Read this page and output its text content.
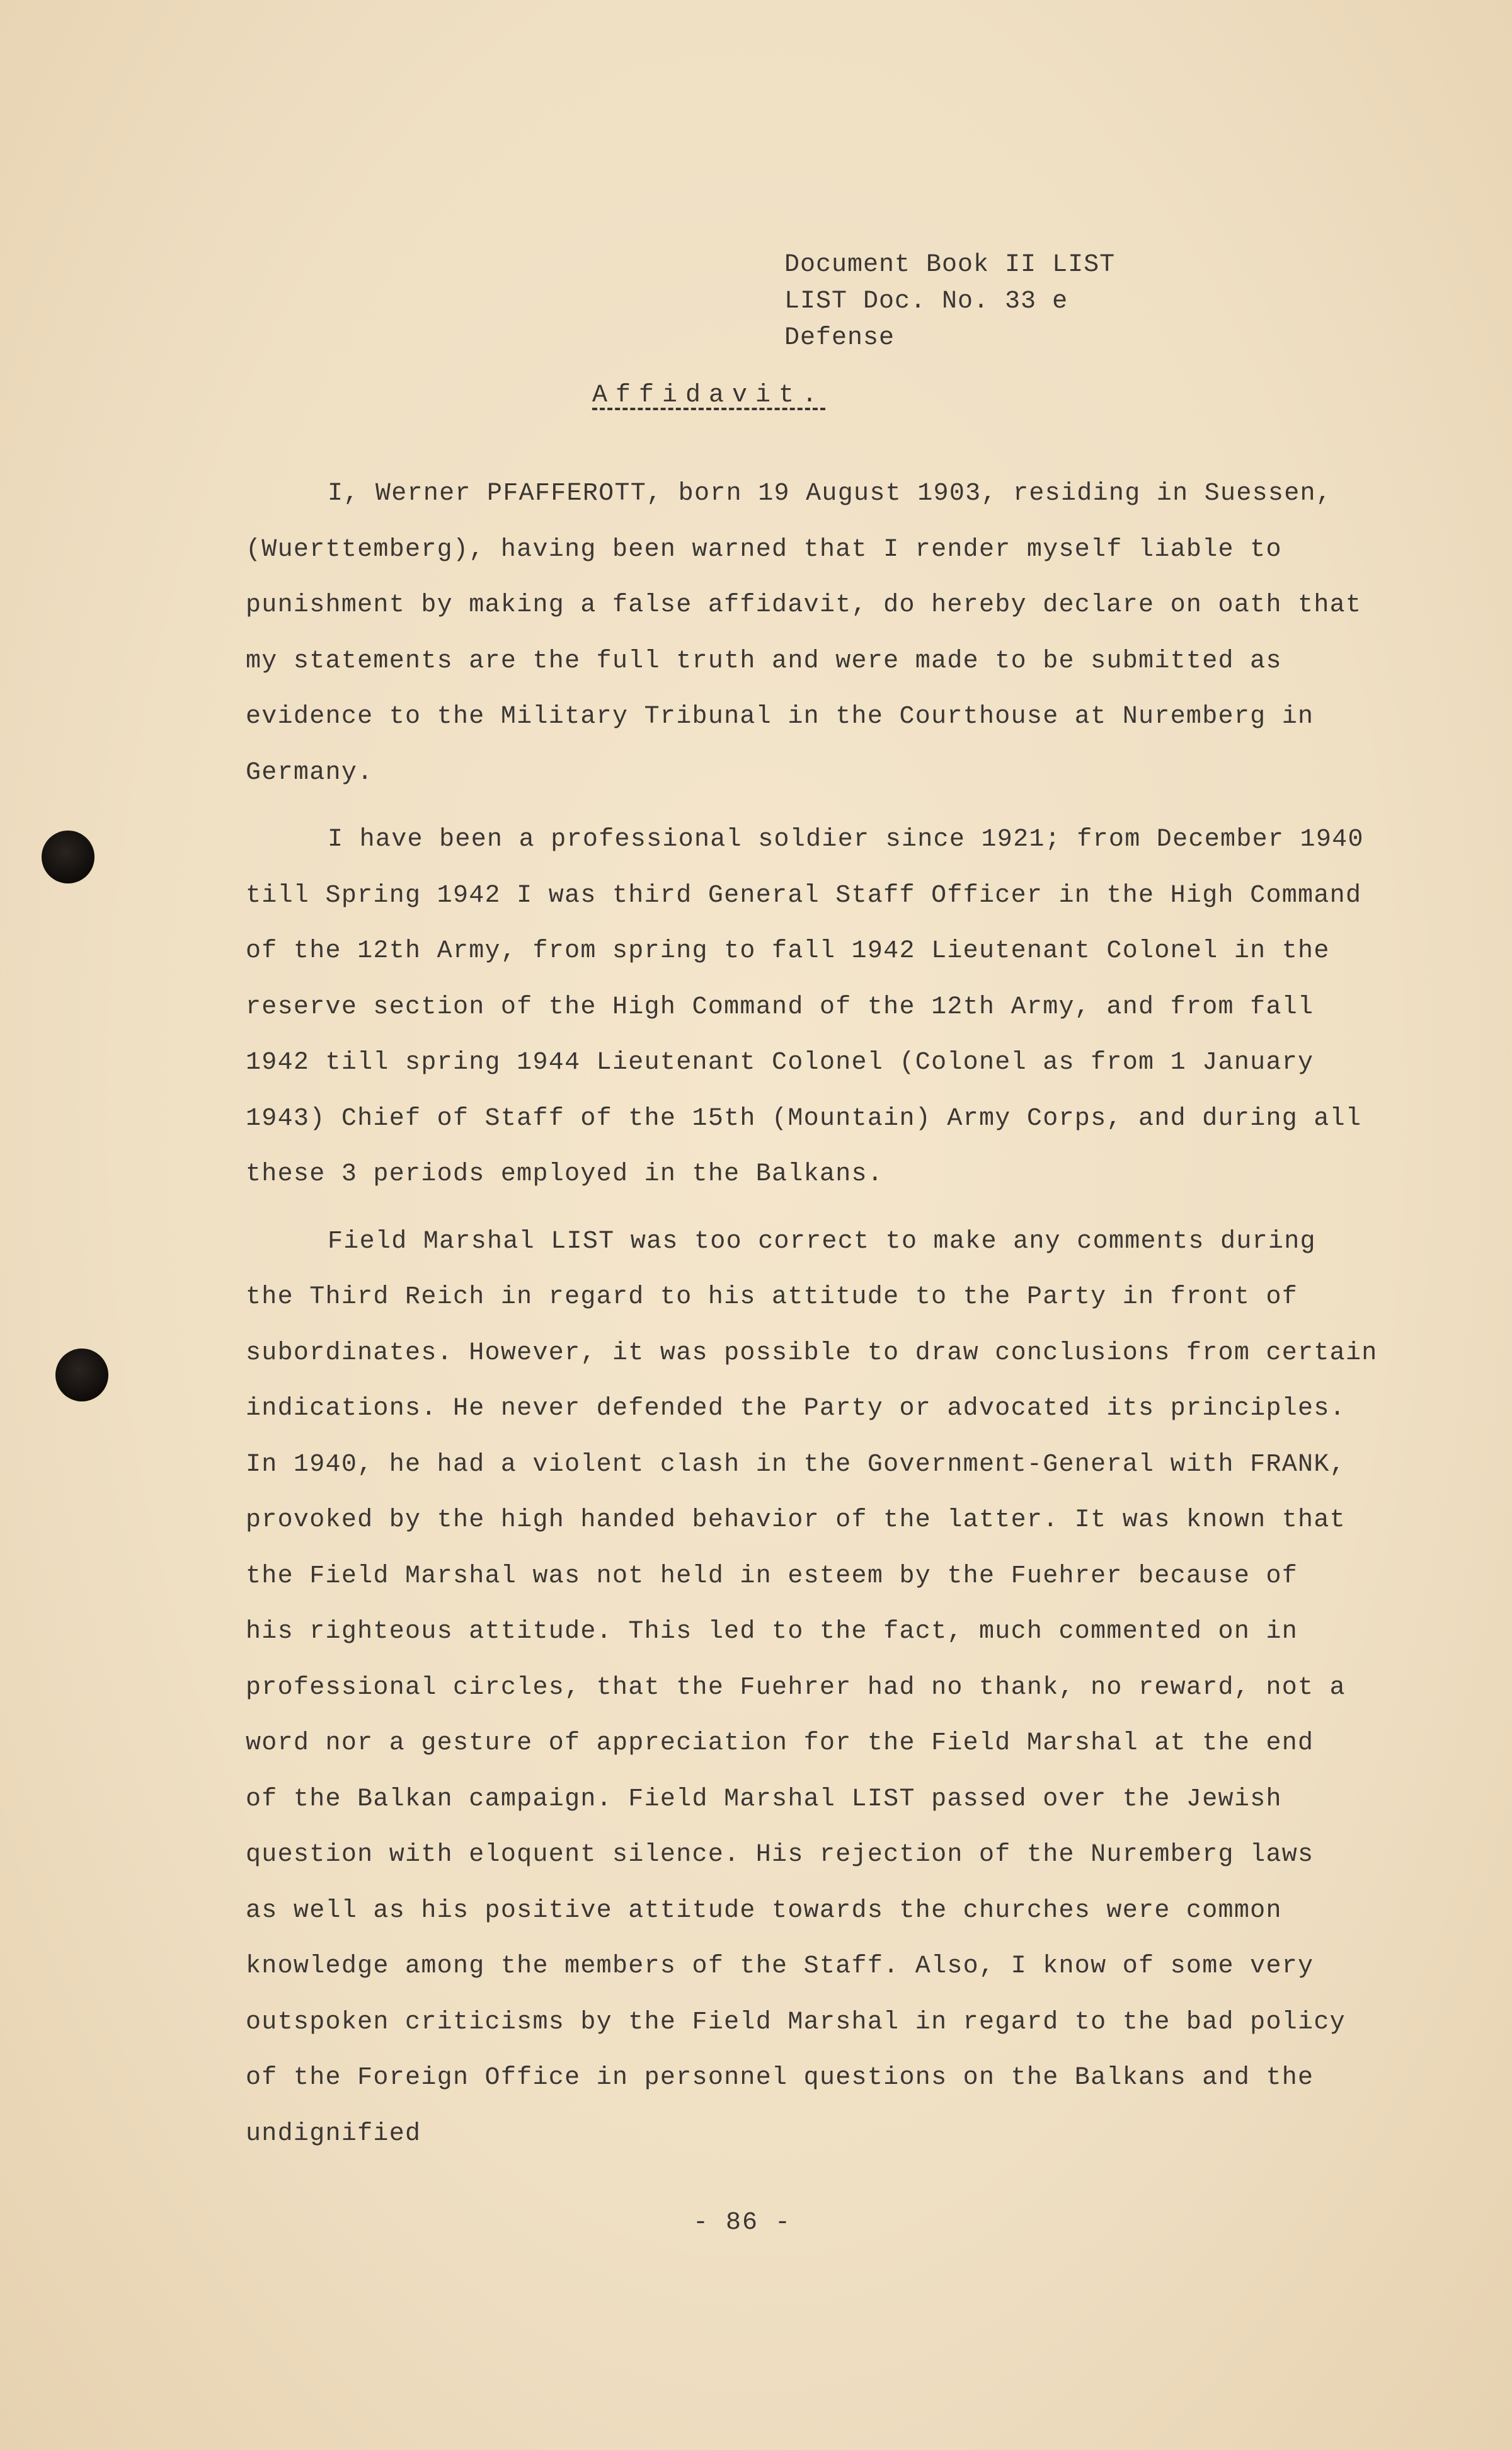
Document Book II LIST
LIST Doc. No. 33 e
Defense
Affidavit.

I, Werner PFAFFEROTT, born 19 August 1903, residing in Suessen,
(Wuerttemberg), having been warned that I render myself liable to
punishment by making a false affidavit, do hereby declare on oath that
my statements are the full truth and were made to be submitted as
evidence to the Military Tribunal in the Courthouse at Nuremberg in
Germany.

I have been a professional soldier since 1921; from December 1940
till Spring 1942 I was third General Staff Officer in the High Command
of the 12th Army, from spring to fall 1942 Lieutenant Colonel in the
reserve section of the High Command of the 12th Army, and from fall
1942 till spring 1944 Lieutenant Colonel (Colonel as from 1 January
1943) Chief of Staff of the 15th (Mountain) Army Corps, and during all
these 3 periods employed in the Balkans.

Field Marshal LIST was too correct to make any comments during
the Third Reich in regard to his attitude to the Party in front of
subordinates. However, it was possible to draw conclusions from certain
indications. He never defended the Party or advocated its principles.
In 1940, he had a violent clash in the Government-General with FRANK,
provoked by the high handed behavior of the latter. It was known that
the Field Marshal was not held in esteem by the Fuehrer because of
his righteous attitude. This led to the fact, much commented on in
professional circles, that the Fuehrer had no thank, no reward, not a
word nor a gesture of appreciation for the Field Marshal at the end
of the Balkan campaign. Field Marshal LIST passed over the Jewish
question with eloquent silence. His rejection of the Nuremberg laws
as well as his positive attitude towards the churches were common
knowledge among the members of the Staff. Also, I know of some very
outspoken criticisms by the Field Marshal in regard to the bad policy
of the Foreign Office in personnel questions on the Balkans and the
undignified

- 86 -
